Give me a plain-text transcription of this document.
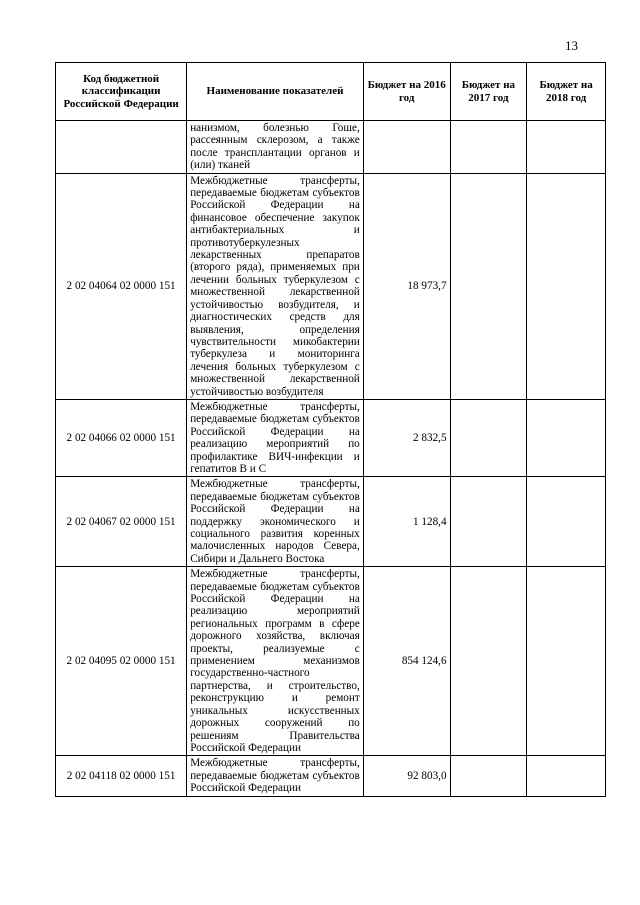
13
Код бюджетной классификации Российской Федерации	Наименование показателей	Бюджет на 2016 год	Бюджет на 2017 год	Бюджет на 2018 год
	нанизмом, болезнью Гоше, рассеянным склерозом, а также после трансплантации органов и (или) тканей			
2 02 04064 02 0000 151	Межбюджетные трансферты, передаваемые бюджетам субъектов Российской Федерации на финансовое обеспечение закупок антибактериальных и противотуберкулезных лекарственных препаратов (второго ряда), применяемых при лечении больных туберкулезом с множественной лекарственной устойчивостью возбудителя, и диагностических средств для выявления, определения чувствительности микобактерии туберкулеза и мониторинга лечения больных туберкулезом с множественной лекарственной устойчивостью возбудителя	18 973,7		
2 02 04066 02 0000 151	Межбюджетные трансферты, передаваемые бюджетам субъектов Российской Федерации на реализацию мероприятий по профилактике ВИЧ-инфекции и гепатитов В и С	2 832,5		
2 02 04067 02 0000 151	Межбюджетные трансферты, передаваемые бюджетам субъектов Российской Федерации на поддержку экономического и социального развития коренных малочисленных народов Севера, Сибири и Дальнего Востока	1 128,4		
2 02 04095 02 0000 151	Межбюджетные трансферты, передаваемые бюджетам субъектов Российской Федерации на реализацию мероприятий региональных программ в сфере дорожного хозяйства, включая проекты, реализуемые с применением механизмов государственно-частного партнерства, и строительство, реконструкцию и ремонт уникальных искусственных дорожных сооружений по решениям Правительства Российской Федерации	854 124,6		
2 02 04118 02 0000 151	Межбюджетные трансферты, передаваемые бюджетам субъектов Российской Федерации	92 803,0		
